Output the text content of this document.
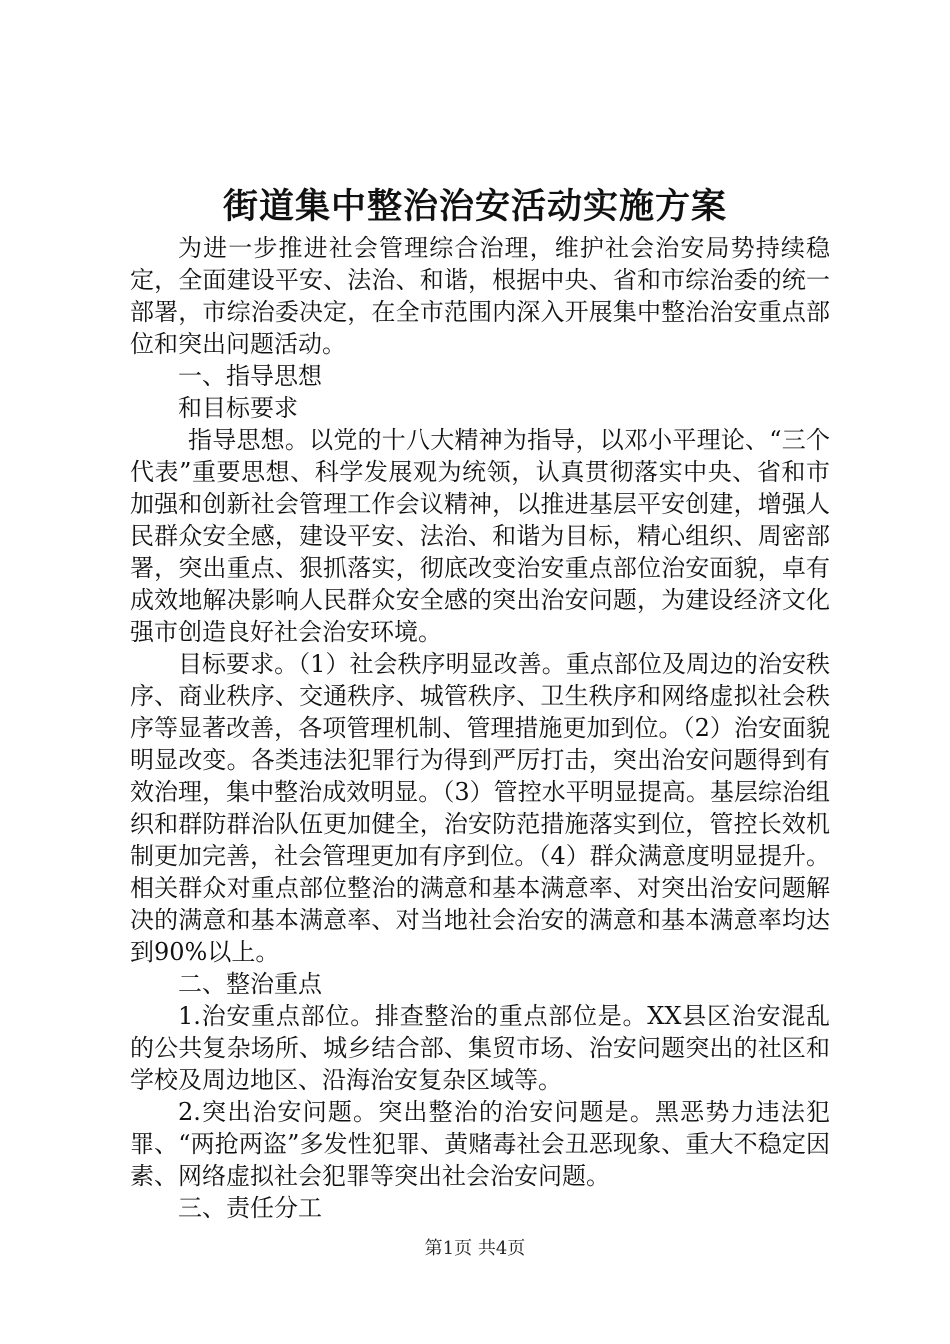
街道集中整治治安活动实施方案

为进一步推进社会管理综合治理，维护社会治安局势持续稳定，全面建设平安、法治、和谐，根据中央、省和市综治委的统一部署，市综治委决定，在全市范围内深入开展集中整治治安重点部位和突出问题活动。

一、指导思想

和目标要求

指导思想。以党的十八大精神为指导，以邓小平理论、“三个代表”重要思想、科学发展观为统领，认真贯彻落实中央、省和市加强和创新社会管理工作会议精神，以推进基层平安创建，增强人民群众安全感，建设平安、法治、和谐为目标，精心组织、周密部署，突出重点、狠抓落实，彻底改变治安重点部位治安面貌，卓有成效地解决影响人民群众安全感的突出治安问题，为建设经济文化强市创造良好社会治安环境。

目标要求。（1）社会秩序明显改善。重点部位及周边的治安秩序、商业秩序、交通秩序、城管秩序、卫生秩序和网络虚拟社会秩序等显著改善，各项管理机制、管理措施更加到位。（2）治安面貌明显改变。各类违法犯罪行为得到严厉打击，突出治安问题得到有效治理，集中整治成效明显。（3）管控水平明显提高。基层综治组织和群防群治队伍更加健全，治安防范措施落实到位，管控长效机制更加完善，社会管理更加有序到位。（4）群众满意度明显提升。相关群众对重点部位整治的满意和基本满意率、对突出治安问题解决的满意和基本满意率、对当地社会治安的满意和基本满意率均达到90%以上。

二、整治重点

1.治安重点部位。排查整治的重点部位是。XX县区治安混乱的公共复杂场所、城乡结合部、集贸市场、治安问题突出的社区和学校及周边地区、沿海治安复杂区域等。

2.突出治安问题。突出整治的治安问题是。黑恶势力违法犯罪、“两抢两盗”多发性犯罪、黄赌毒社会丑恶现象、重大不稳定因素、网络虚拟社会犯罪等突出社会治安问题。

三、责任分工

第1页 共4页
